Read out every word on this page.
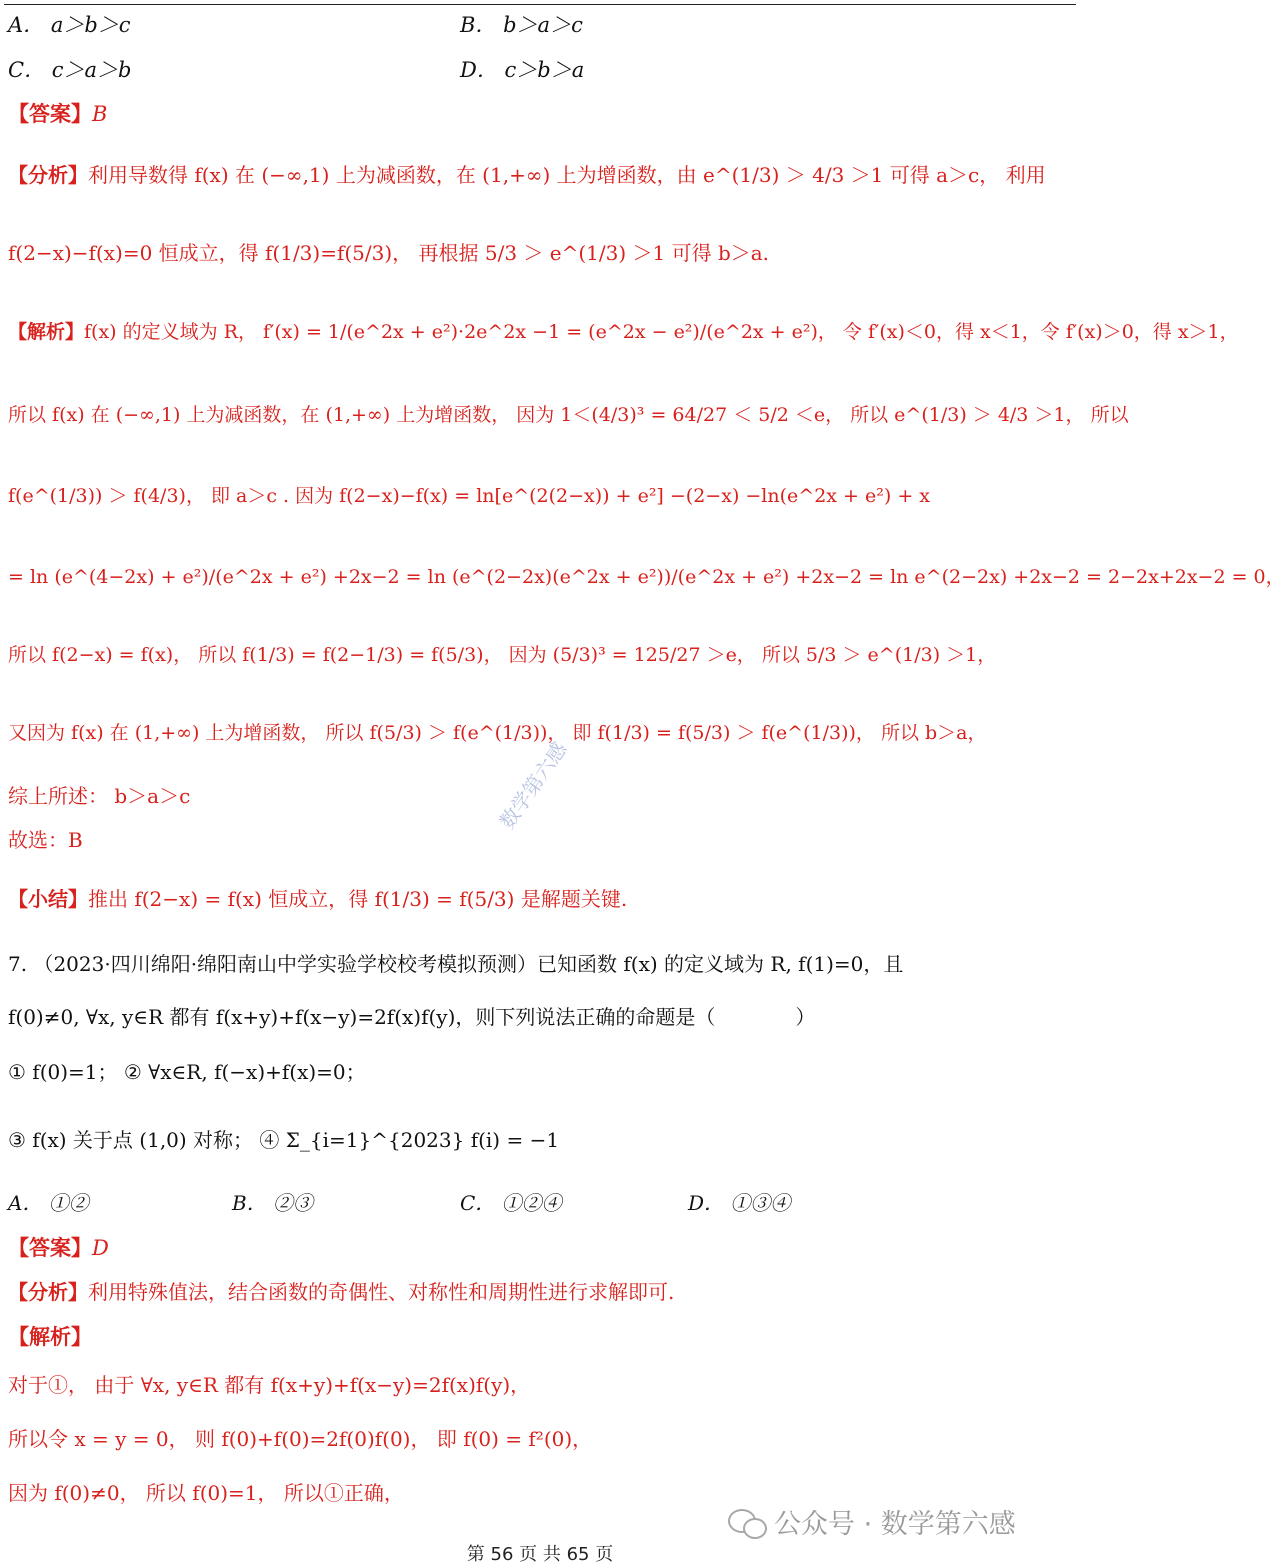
A． a＞b＞c	B． b＞a＞c
C． c＞a＞b	D． c＞b＞a
【答案】B
【分析】利用导数得 f(x) 在 (−∞,1) 上为减函数，在 (1,+∞) 上为增函数，由 e^(1/3) ＞ 4/3 ＞1 可得 a＞c， 利用
f(2−x)−f(x)=0 恒成立，得 f(1/3)=f(5/3)， 再根据 5/3 ＞ e^(1/3) ＞1 可得 b＞a.
【解析】f(x) 的定义域为 R， f′(x) = 1/(e^2x + e²)·2e^2x −1 = (e^2x − e²)/(e^2x + e²)， 令 f′(x)＜0，得 x＜1，令 f′(x)＞0，得 x＞1，
所以 f(x) 在 (−∞,1) 上为减函数，在 (1,+∞) 上为增函数， 因为 1＜(4/3)³ = 64/27 ＜ 5/2 ＜e， 所以 e^(1/3) ＞ 4/3 ＞1， 所以
f(e^(1/3)) ＞ f(4/3)， 即 a＞c . 因为 f(2−x)−f(x) = ln[e^(2(2−x)) + e²] −(2−x) −ln(e^2x + e²) + x
= ln (e^(4−2x) + e²)/(e^2x + e²) +2x−2 = ln (e^(2−2x)(e^2x + e²))/(e^2x + e²) +2x−2 = ln e^(2−2x) +2x−2 = 2−2x+2x−2 = 0，
所以 f(2−x) = f(x)， 所以 f(1/3) = f(2−1/3) = f(5/3)， 因为 (5/3)³ = 125/27 ＞e， 所以 5/3 ＞ e^(1/3) ＞1，
又因为 f(x) 在 (1,+∞) 上为增函数， 所以 f(5/3) ＞ f(e^(1/3))， 即 f(1/3) = f(5/3) ＞ f(e^(1/3))， 所以 b＞a，
综上所述： b＞a＞c
故选：B
【小结】推出 f(2−x) = f(x) 恒成立，得 f(1/3) = f(5/3) 是解题关键.
7. （2023·四川绵阳·绵阳南山中学实验学校校考模拟预测）已知函数 f(x) 的定义域为 R, f(1)=0，且
f(0)≠0, ∀x, y∈R 都有 f(x+y)+f(x−y)=2f(x)f(y)，则下列说法正确的命题是（　　　　）
① f(0)=1； ② ∀x∈R, f(−x)+f(x)=0；
③ f(x) 关于点 (1,0) 对称； ④ Σ_{i=1}^{2023} f(i) = −1
A． ①②	B． ②③	C． ①②④	D． ①③④
【答案】D
【分析】利用特殊值法，结合函数的奇偶性、对称性和周期性进行求解即可.
【解析】
对于①， 由于 ∀x, y∈R 都有 f(x+y)+f(x−y)=2f(x)f(y)，
所以令 x = y = 0， 则 f(0)+f(0)=2f(0)f(0)， 即 f(0) = f²(0)，
因为 f(0)≠0， 所以 f(0)=1， 所以①正确，
数学第六感
公众号 · 数学第六感
第 56 页 共 65 页
